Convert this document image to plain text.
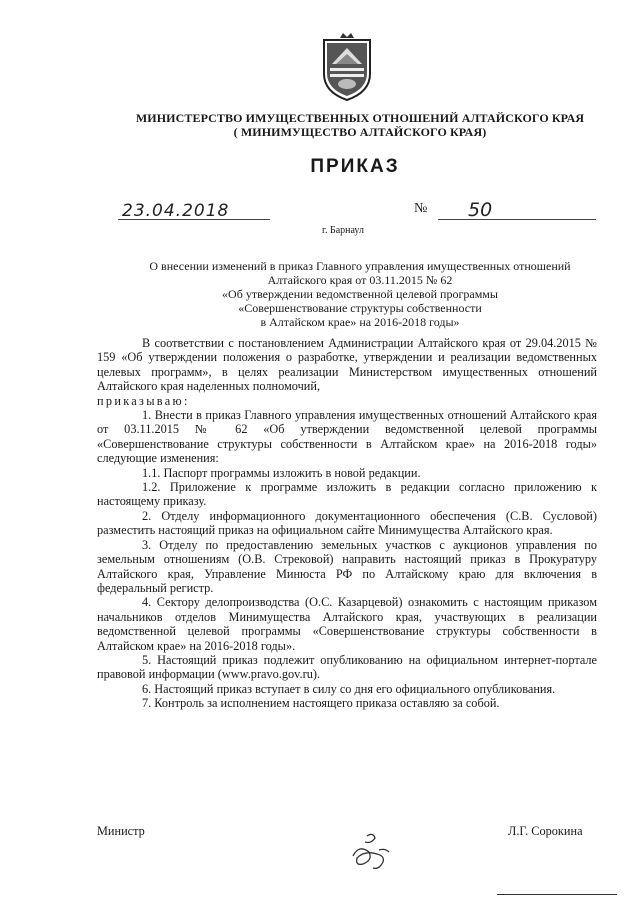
МИНИСТЕРСТВО ИМУЩЕСТВЕННЫХ ОТНОШЕНИЙ АЛТАЙСКОГО КРАЯ
( МИНИМУЩЕСТВО АЛТАЙСКОГО КРАЯ)
ПРИКАЗ
23.04.2018	№ 50
г. Барнаул
О внесении изменений в приказ Главного управления имущественных отношений
Алтайского края от 03.11.2015 № 62
«Об утверждении ведомственной целевой программы
«Совершенствование структуры собственности
в Алтайском крае» на 2016-2018 годы»

В соответствии с постановлением Администрации Алтайского края от 29.04.2015 № 159 «Об утверждении положения о разработке, утверждении и реализации ведомственных целевых программ», в целях реализации Министерством имущественных отношений Алтайского края наделенных полномочий,

приказываю:

1. Внести в приказ Главного управления имущественных отношений Алтайского края от 03.11.2015 № 62 «Об утверждении ведомственной целевой программы «Совершенствование структуры собственности в Алтайском крае» на 2016-2018 годы» следующие изменения:

1.1. Паспорт программы изложить в новой редакции.

1.2. Приложение к программе изложить в редакции согласно приложению к настоящему приказу.

2. Отделу информационного документационного обеспечения (С.В. Сусловой) разместить настоящий приказ на официальном сайте Минимущества Алтайского края.

3. Отделу по предоставлению земельных участков с аукционов управления по земельным отношениям (О.В. Стрековой) направить настоящий приказ в Прокуратуру Алтайского края, Управление Минюста РФ по Алтайскому краю для включения в федеральный регистр.

4. Сектору делопроизводства (О.С. Казарцевой) ознакомить с настоящим приказом начальников отделов Минимущества Алтайского края, участвующих в реализации ведомственной целевой программы «Совершенствование структуры собственности в Алтайском крае» на 2016-2018 годы».

5. Настоящий приказ подлежит опубликованию на официальном интернет-портале правовой информации (www.pravo.gov.ru).

6. Настоящий приказ вступает в силу со дня его официального опубликования.

7. Контроль за исполнением настоящего приказа оставляю за собой.

Министр	Л.Г. Сорокина
